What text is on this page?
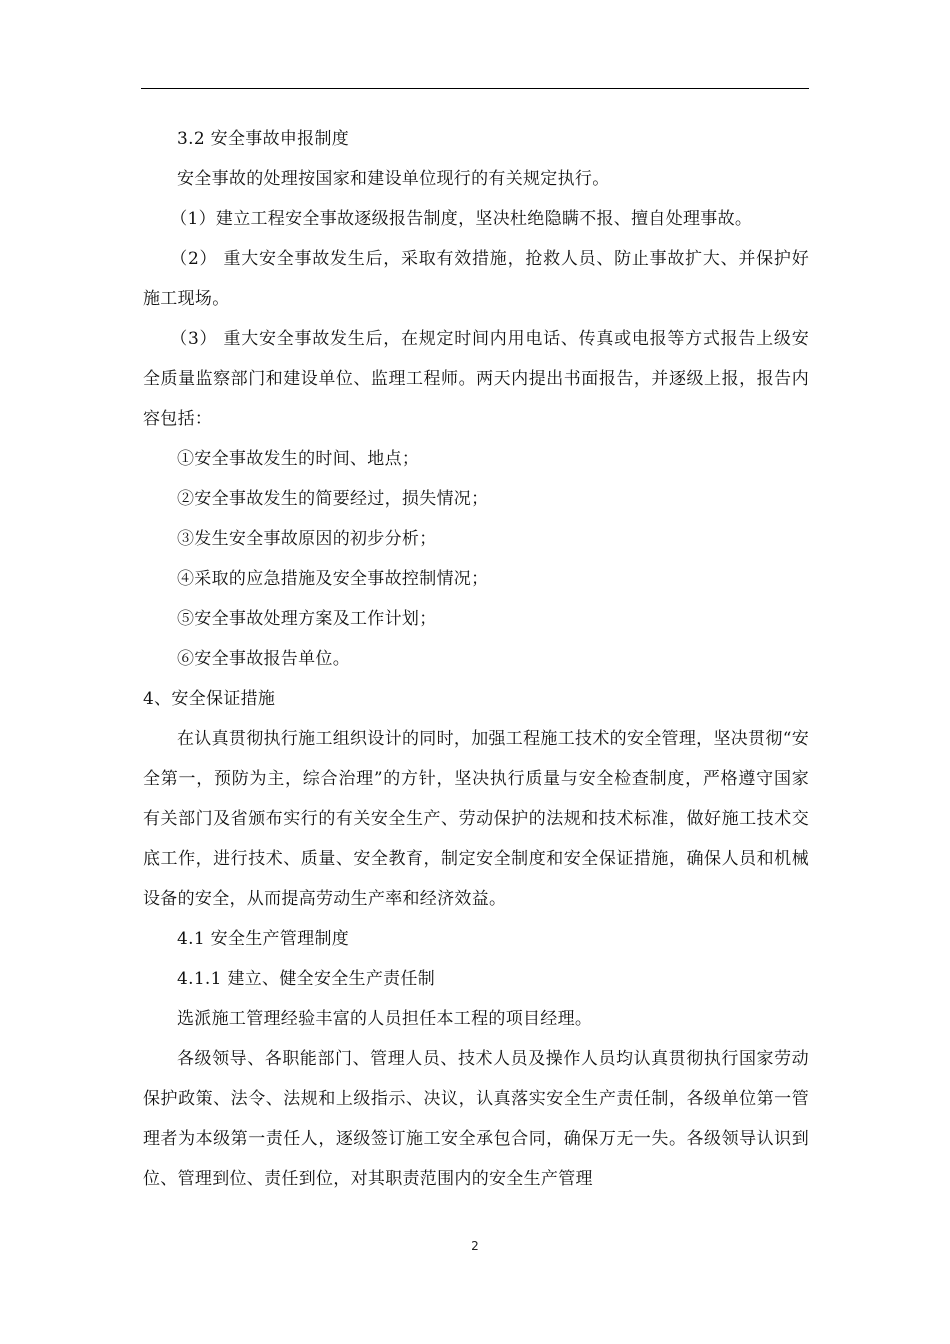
3.2 安全事故申报制度

安全事故的处理按国家和建设单位现行的有关规定执行。

（1）建立工程安全事故逐级报告制度，坚决杜绝隐瞒不报、擅自处理事故。

（2） 重大安全事故发生后，采取有效措施，抢救人员、防止事故扩大、并保护好施工现场。

（3） 重大安全事故发生后，在规定时间内用电话、传真或电报等方式报告上级安全质量监察部门和建设单位、监理工程师。两天内提出书面报告，并逐级上报，报告内容包括：

①安全事故发生的时间、地点；

②安全事故发生的简要经过，损失情况；

③发生安全事故原因的初步分析；

④采取的应急措施及安全事故控制情况；

⑤安全事故处理方案及工作计划；

⑥安全事故报告单位。

4、安全保证措施

在认真贯彻执行施工组织设计的同时，加强工程施工技术的安全管理，坚决贯彻“安全第一，预防为主，综合治理”的方针，坚决执行质量与安全检查制度，严格遵守国家有关部门及省颁布实行的有关安全生产、劳动保护的法规和技术标准，做好施工技术交底工作，进行技术、质量、安全教育，制定安全制度和安全保证措施，确保人员和机械设备的安全，从而提高劳动生产率和经济效益。

4.1 安全生产管理制度

4.1.1 建立、健全安全生产责任制

选派施工管理经验丰富的人员担任本工程的项目经理。

各级领导、各职能部门、管理人员、技术人员及操作人员均认真贯彻执行国家劳动保护政策、法令、法规和上级指示、决议，认真落实安全生产责任制，各级单位第一管理者为本级第一责任人，逐级签订施工安全承包合同，确保万无一失。各级领导认识到位、管理到位、责任到位，对其职责范围内的安全生产管理

2
